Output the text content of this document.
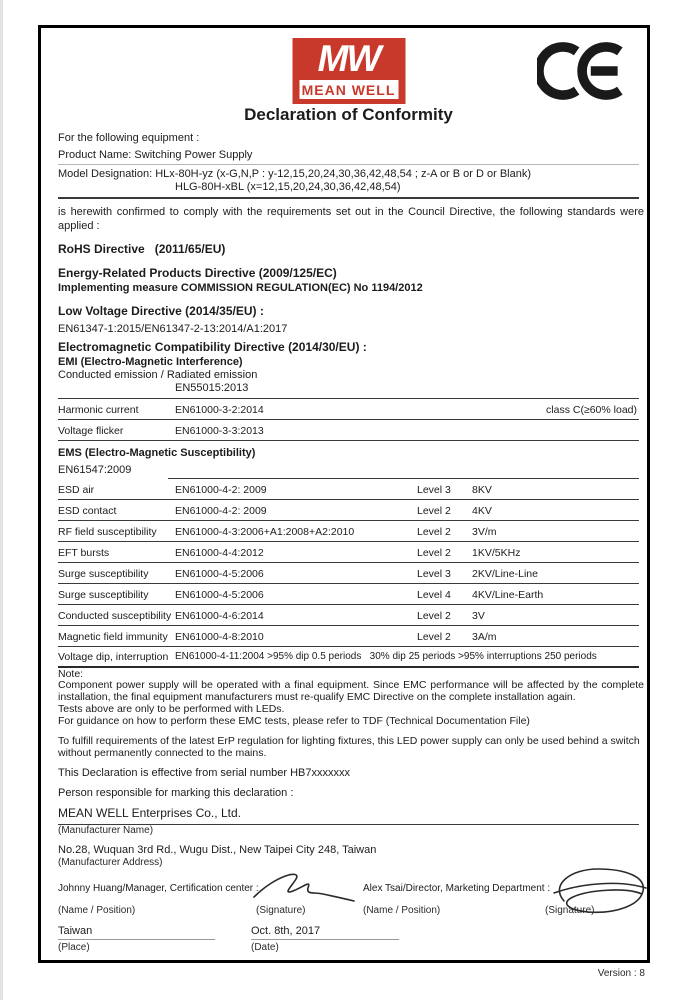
MW
MEAN WELL
Declaration of Conformity
For the following equipment :
Product Name: Switching Power Supply
Model Designation: HLx-80H-yz (x-G,N,P : y-12,15,20,24,30,36,42,48,54 ; z-A or B or D or Blank)
HLG-80H-xBL (x=12,15,20,24,30,36,42,48,54)
is herewith confirmed to comply with the requirements set out in the Council Directive, the following standards were applied :
RoHS Directive   (2011/65/EU)
Energy-Related Products Directive (2009/125/EC)
Implementing measure COMMISSION REGULATION(EC) No 1194/2012
Low Voltage Directive (2014/35/EU) :
EN61347-1:2015/EN61347-2-13:2014/A1:2017
Electromagnetic Compatibility Directive (2014/30/EU) :
EMI (Electro-Magnetic Interference)
Conducted emission / Radiated emission
EN55015:2013
Harmonic current	EN61000-3-2:2014	class C(≥60% load)
Voltage flicker	EN61000-3-3:2013
EMS (Electro-Magnetic Susceptibility)
EN61547:2009
ESD air	EN61000-4-2: 2009	Level 3	8KV
ESD contact	EN61000-4-2: 2009	Level 2	4KV
RF field susceptibility	EN61000-4-3:2006+A1:2008+A2:2010	Level 2	3V/m
EFT bursts	EN61000-4-4:2012	Level 2	1KV/5KHz
Surge susceptibility	EN61000-4-5:2006	Level 3	2KV/Line-Line
Surge susceptibility	EN61000-4-5:2006	Level 4	4KV/Line-Earth
Conducted susceptibility EN61000-4-6:2014	Level 2	3V
Magnetic field immunity EN61000-4-8:2010	Level 2	3A/m
Voltage dip, interruption EN61000-4-11:2004 >95% dip 0.5 periods   30% dip 25 periods >95% interruptions 250 periods
Note:
Component power supply will be operated with a final equipment. Since EMC performance will be affected by the complete installation, the final equipment manufacturers must re-qualify EMC Directive on the complete installation again.
Tests above are only to be performed with LEDs.
For guidance on how to perform these EMC tests, please refer to TDF (Technical Documentation File)
To fulfill requirements of the latest ErP regulation for lighting fixtures, this LED power supply can only be used behind a switch without permanently connected to the mains.
This Declaration is effective from serial number HB7xxxxxxx
Person responsible for marking this declaration :
MEAN WELL Enterprises Co., Ltd.
(Manufacturer Name)
No.28, Wuquan 3rd Rd., Wugu Dist., New Taipei City 248, Taiwan
(Manufacturer Address)
Johnny Huang/Manager, Certification center :	Alex Tsai/Director, Marketing Department :
(Name / Position)	(Signature)	(Name / Position)	(Signature)
Taiwan	Oct. 8th, 2017
(Place)	(Date)
Version : 8
